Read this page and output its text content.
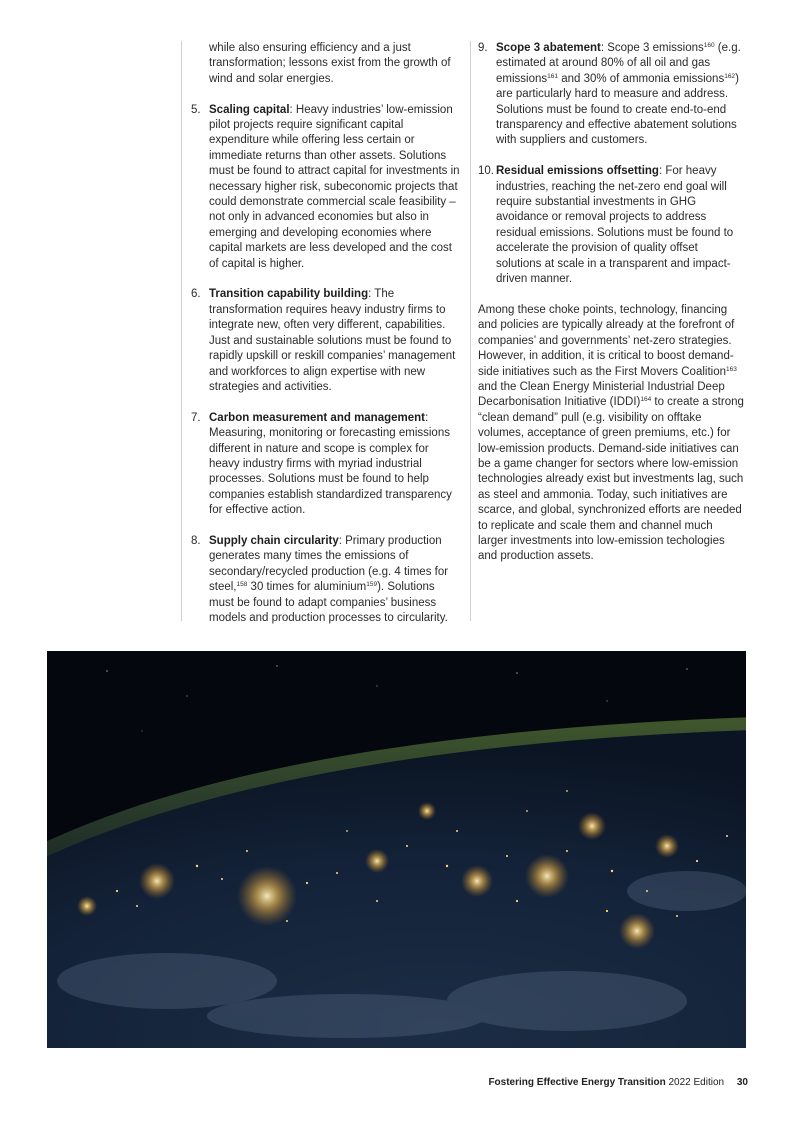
while also ensuring efficiency and a just transformation; lessons exist from the growth of wind and solar energies.

5. Scaling capital: Heavy industries’ low-emission pilot projects require significant capital expenditure while offering less certain or immediate returns than other assets. Solutions must be found to attract capital for investments in necessary higher risk, subeconomic projects that could demonstrate commercial scale feasibility – not only in advanced economies but also in emerging and developing economies where capital markets are less developed and the cost of capital is higher.
6. Transition capability building: The transformation requires heavy industry firms to integrate new, often very different, capabilities. Just and sustainable solutions must be found to rapidly upskill or reskill companies’ management and workforces to align expertise with new strategies and activities.
7. Carbon measurement and management: Measuring, monitoring or forecasting emissions different in nature and scope is complex for heavy industry firms with myriad industrial processes. Solutions must be found to help companies establish standardized transparency for effective action.
8. Supply chain circularity: Primary production generates many times the emissions of secondary/recycled production (e.g. 4 times for steel,$^{158}$ 30 times for aluminium$^{159}$). Solutions must be found to adapt companies’ business models and production processes to circularity.
9. Scope 3 abatement: Scope 3 emissions$^{160}$ (e.g. estimated at around 80% of all oil and gas emissions$^{161}$ and 30% of ammonia emissions$^{162}$) are particularly hard to measure and address. Solutions must be found to create end-to-end transparency and effective abatement solutions with suppliers and customers.
10. Residual emissions offsetting: For heavy industries, reaching the net-zero end goal will require substantial investments in GHG avoidance or removal projects to address residual emissions. Solutions must be found to accelerate the provision of quality offset solutions at scale in a transparent and impact-driven manner.

Among these choke points, technology, financing and policies are typically already at the forefront of companies’ and governments’ net-zero strategies. However, in addition, it is critical to boost demand-side initiatives such as the First Movers Coalition$^{163}$ and the Clean Energy Ministerial Industrial Deep Decarbonisation Initiative (IDDI)$^{164}$ to create a strong “clean demand” pull (e.g. visibility on offtake volumes, acceptance of green premiums, etc.) for low-emission products. Demand-side initiatives can be a game changer for sectors where low-emission technologies already exist but investments lag, such as steel and ammonia. Today, such initiatives are scarce, and global, synchronized efforts are needed to replicate and scale them and channel much larger investments into low-emission techologies and production assets.

Fostering Effective Energy Transition 2022 Edition 30
